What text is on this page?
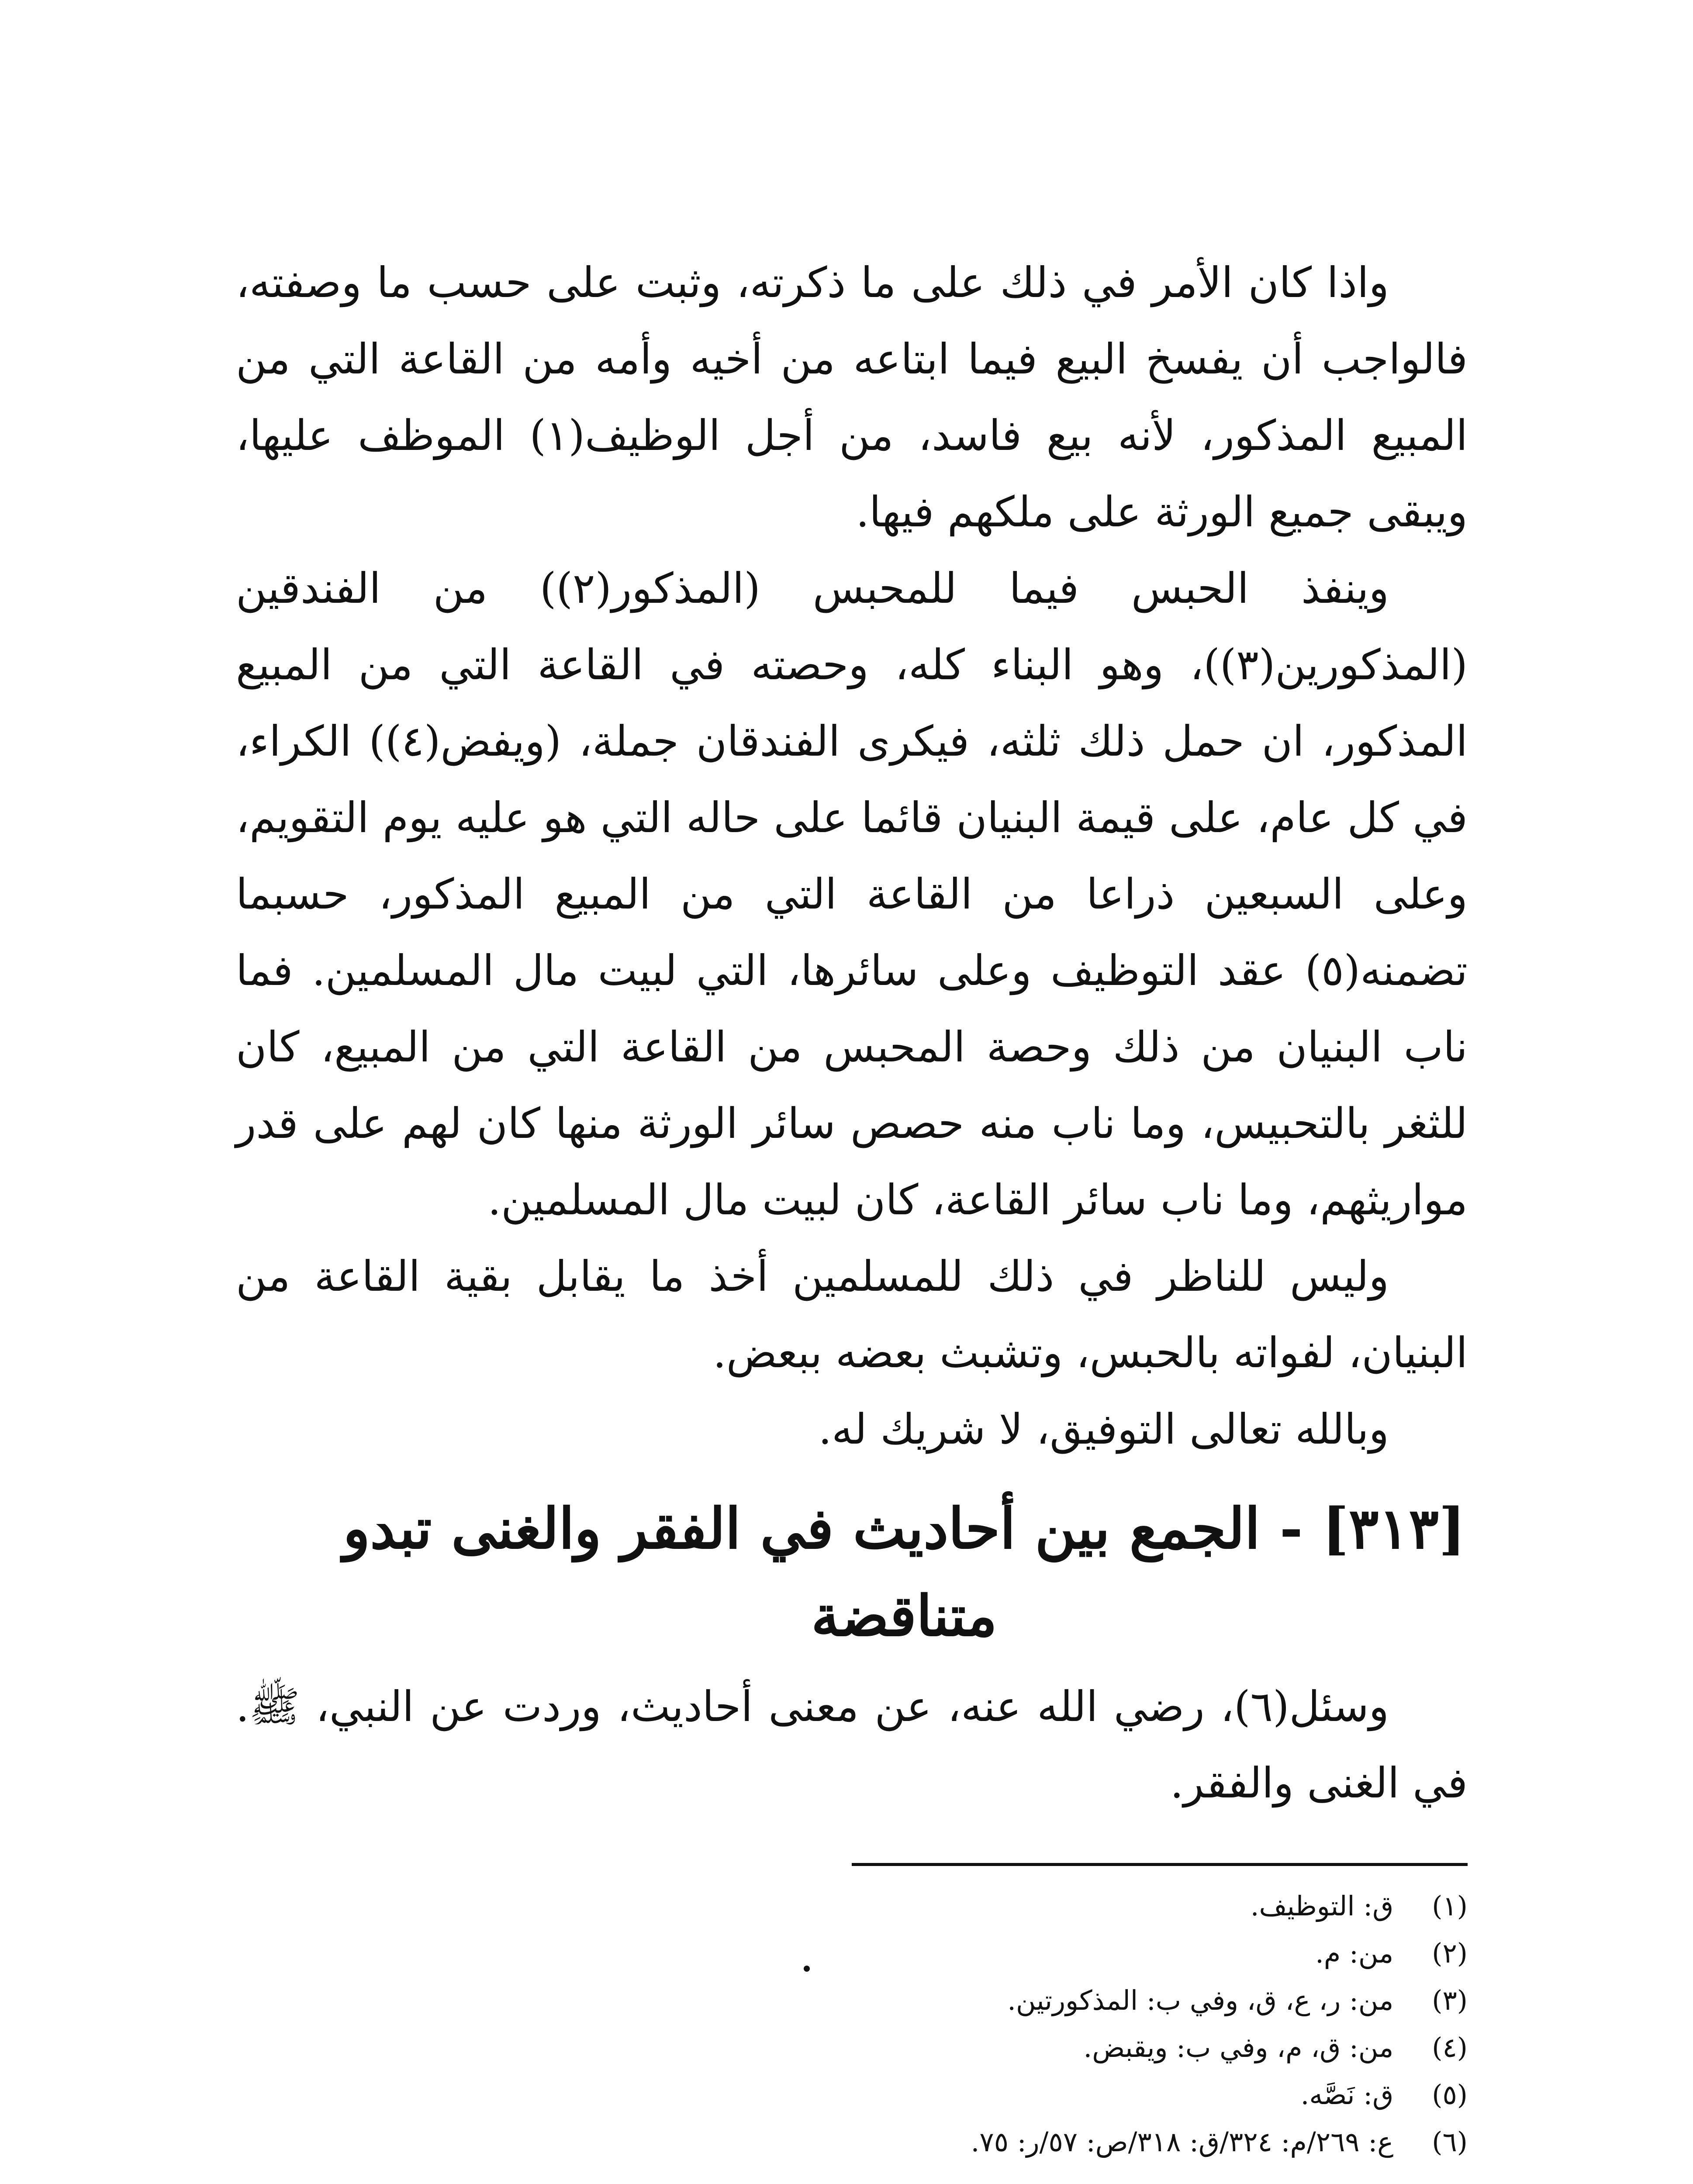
واذا كان الأمر في ذلك على ما ذكرته، وثبت على حسب ما وصفته، فالواجب أن يفسخ البيع فيما ابتاعه من أخيه وأمه من القاعة التي من المبيع المذكور، لأنه بيع فاسد، من أجل الوظيف(١) الموظف عليها، ويبقى جميع الورثة على ملكهم فيها.

وينفذ الحبس فيما للمحبس (المذكور(٢)) من الفندقين (المذكورين(٣))، وهو البناء كله، وحصته في القاعة التي من المبيع المذكور، ان حمل ذلك ثلثه، فيكرى الفندقان جملة، (ويفض(٤)) الكراء، في كل عام، على قيمة البنيان قائما على حاله التي هو عليه يوم التقويم، وعلى السبعين ذراعا من القاعة التي من المبيع المذكور، حسبما تضمنه(٥) عقد التوظيف وعلى سائرها، التي لبيت مال المسلمين. فما ناب البنيان من ذلك وحصة المحبس من القاعة التي من المبيع، كان للثغر بالتحبيس، وما ناب منه حصص سائر الورثة منها كان لهم على قدر مواريثهم، وما ناب سائر القاعة، كان لبيت مال المسلمين.

وليس للناظر في ذلك للمسلمين أخذ ما يقابل بقية القاعة من البنيان، لفواته بالحبس، وتشبث بعضه ببعض.

وبالله تعالى التوفيق، لا شريك له.

[٣١٣] - الجمع بين أحاديث في الفقر والغنى تبدو متناقضة

وسئل(٦)، رضي الله عنه، عن معنى أحاديث، وردت عن النبي، ﷺ. في الغنى والفقر.

(١) ق: التوظيف.
(٢) من: م.
(٣) من: ر، ع، ق، وفي ب: المذكورتين.
(٤) من: ق، م، وفي ب: ويقبض.
(٥) ق: نَصَّه.
(٦) ع: ٢٦٩/م: ٣٢٤/ق: ٣١٨/ص: ٥٧/ر: ٧٥.
